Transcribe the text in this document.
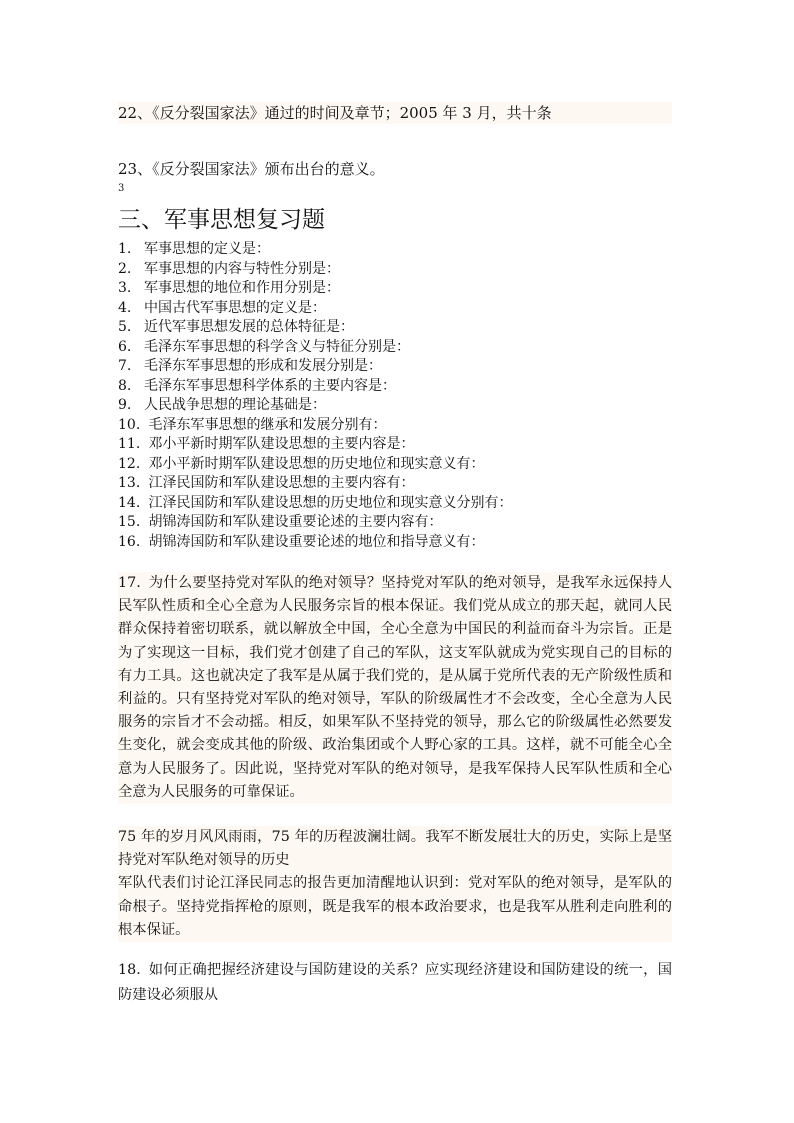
22、《反分裂国家法》通过的时间及章节；2005 年 3 月，共十条
23、《反分裂国家法》颁布出台的意义。
3
三、军事思想复习题
1. 军事思想的定义是：
2. 军事思想的内容与特性分别是：
3. 军事思想的地位和作用分别是：
4. 中国古代军事思想的定义是：
5. 近代军事思想发展的总体特征是：
6. 毛泽东军事思想的科学含义与特征分别是：
7. 毛泽东军事思想的形成和发展分别是：
8. 毛泽东军事思想科学体系的主要内容是：
9. 人民战争思想的理论基础是：
10. 毛泽东军事思想的继承和发展分别有：
11. 邓小平新时期军队建设思想的主要内容是：
12. 邓小平新时期军队建设思想的历史地位和现实意义有：
13. 江泽民国防和军队建设思想的主要内容有：
14. 江泽民国防和军队建设思想的历史地位和现实意义分别有：
15. 胡锦涛国防和军队建设重要论述的主要内容有：
16. 胡锦涛国防和军队建设重要论述的地位和指导意义有：
17. 为什么要坚持党对军队的绝对领导？坚持党对军队的绝对领导，是我军永远保持人民军队性质和全心全意为人民服务宗旨的根本保证。我们党从成立的那天起，就同人民群众保持着密切联系，就以解放全中国，全心全意为中国民的利益而奋斗为宗旨。正是为了实现这一目标，我们党才创建了自己的军队，这支军队就成为党实现自己的目标的有力工具。这也就决定了我军是从属于我们党的，是从属于党所代表的无产阶级性质和利益的。只有坚持党对军队的绝对领导，军队的阶级属性才不会改变，全心全意为人民服务的宗旨才不会动摇。相反，如果军队不坚持党的领导，那么它的阶级属性必然要发生变化，就会变成其他的阶级、政治集团或个人野心家的工具。这样，就不可能全心全意为人民服务了。因此说，坚持党对军队的绝对领导，是我军保持人民军队性质和全心全意为人民服务的可靠保证。
75 年的岁月风风雨雨，75 年的历程波澜壮阔。我军不断发展壮大的历史，实际上是坚持党对军队绝对领导的历史
军队代表们讨论江泽民同志的报告更加清醒地认识到：党对军队的绝对领导，是军队的命根子。坚持党指挥枪的原则，既是我军的根本政治要求，也是我军从胜利走向胜利的根本保证。
18. 如何正确把握经济建设与国防建设的关系？应实现经济建设和国防建设的统一，国防建设必须服从
